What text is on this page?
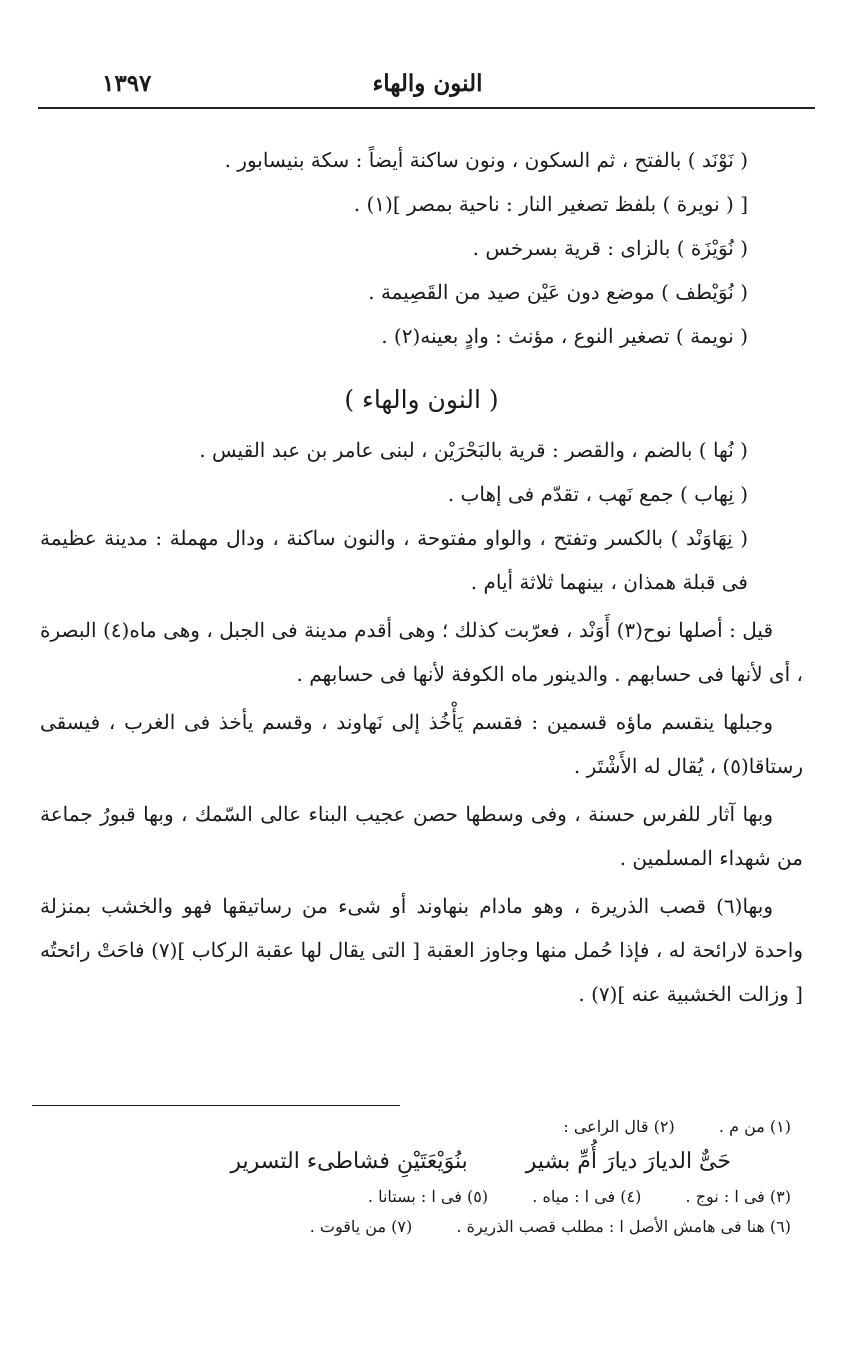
النون والهاء
١٣٩٧

( نَوْنَد ) بالفتح ، ثم السكون ، ونون ساكنة أيضاً : سكة بنيسابور .

[ ( نويرة ) بلفظ تصغير النار : ناحية بمصر ](١) .

( نُوَيْزَة ) بالزاى : قرية بسرخس .

( نُوَيْطف ) موضع دون عَيْن صيد من القَصِيمة .

( نويمة ) تصغير النوع ، مؤنث : وادٍ بعينه(٢) .

( النون والهاء )

( نُها ) بالضم ، والقصر : قرية بالبَحْرَيْن ، لبنى عامر بن عبد القيس .

( نِهاب ) جمع نَهب ، تقدّم فى إهاب .

( نِهَاوَنْد ) بالكسر وتفتح ، والواو مفتوحة ، والنون ساكنة ، ودال مهملة : مدينة عظيمة فى قبلة همذان ، بينهما ثلاثة أيام .

قيل : أصلها نوح(٣) أَوَنْد ، فعرّبت كذلك ؛ وهى أقدم مدينة فى الجبل ، وهى ماه(٤) البصرة ، أى لأنها فى حسابهم . والدينور ماه الكوفة لأنها فى حسابهم .

وجبلها ينقسم ماؤه قسمين : فقسم يَأْخُذ إلى نَهاوند ، وقسم يأخذ فى الغرب ، فيسقى رستاقا(٥) ، يُقال له الأَشْتَر .

وبها آثار للفرس حسنة ، وفى وسطها حصن عجيب البناء عالى السّمك ، وبها قبورُ جماعة من شهداء المسلمين .

وبها(٦) قصب الذريرة ، وهو مادام بنهاوند أو شىء من رساتيقها فهو والخشب بمنزلة واحدة لارائحة له ، فإذا حُمل منها وجاوز العقبة [ التى يقال لها عقبة الركاب ](٧) فاحَتْ رائحتُه [ وزالت الخشبية عنه ](٧) .

(١) من م .  (٢) قال الراعى :
حَىٌّ الديارَ ديارَ أُمِّ بشير  بنُوَيْعَتَيْنِ فشاطىء التسرير
(٣) فى ا : نوج .  (٤) فى ا : مياه .  (٥) فى ا : بستانا .
(٦) هنا فى هامش الأصل ا : مطلب قصب الذريرة .  (٧) من ياقوت .
